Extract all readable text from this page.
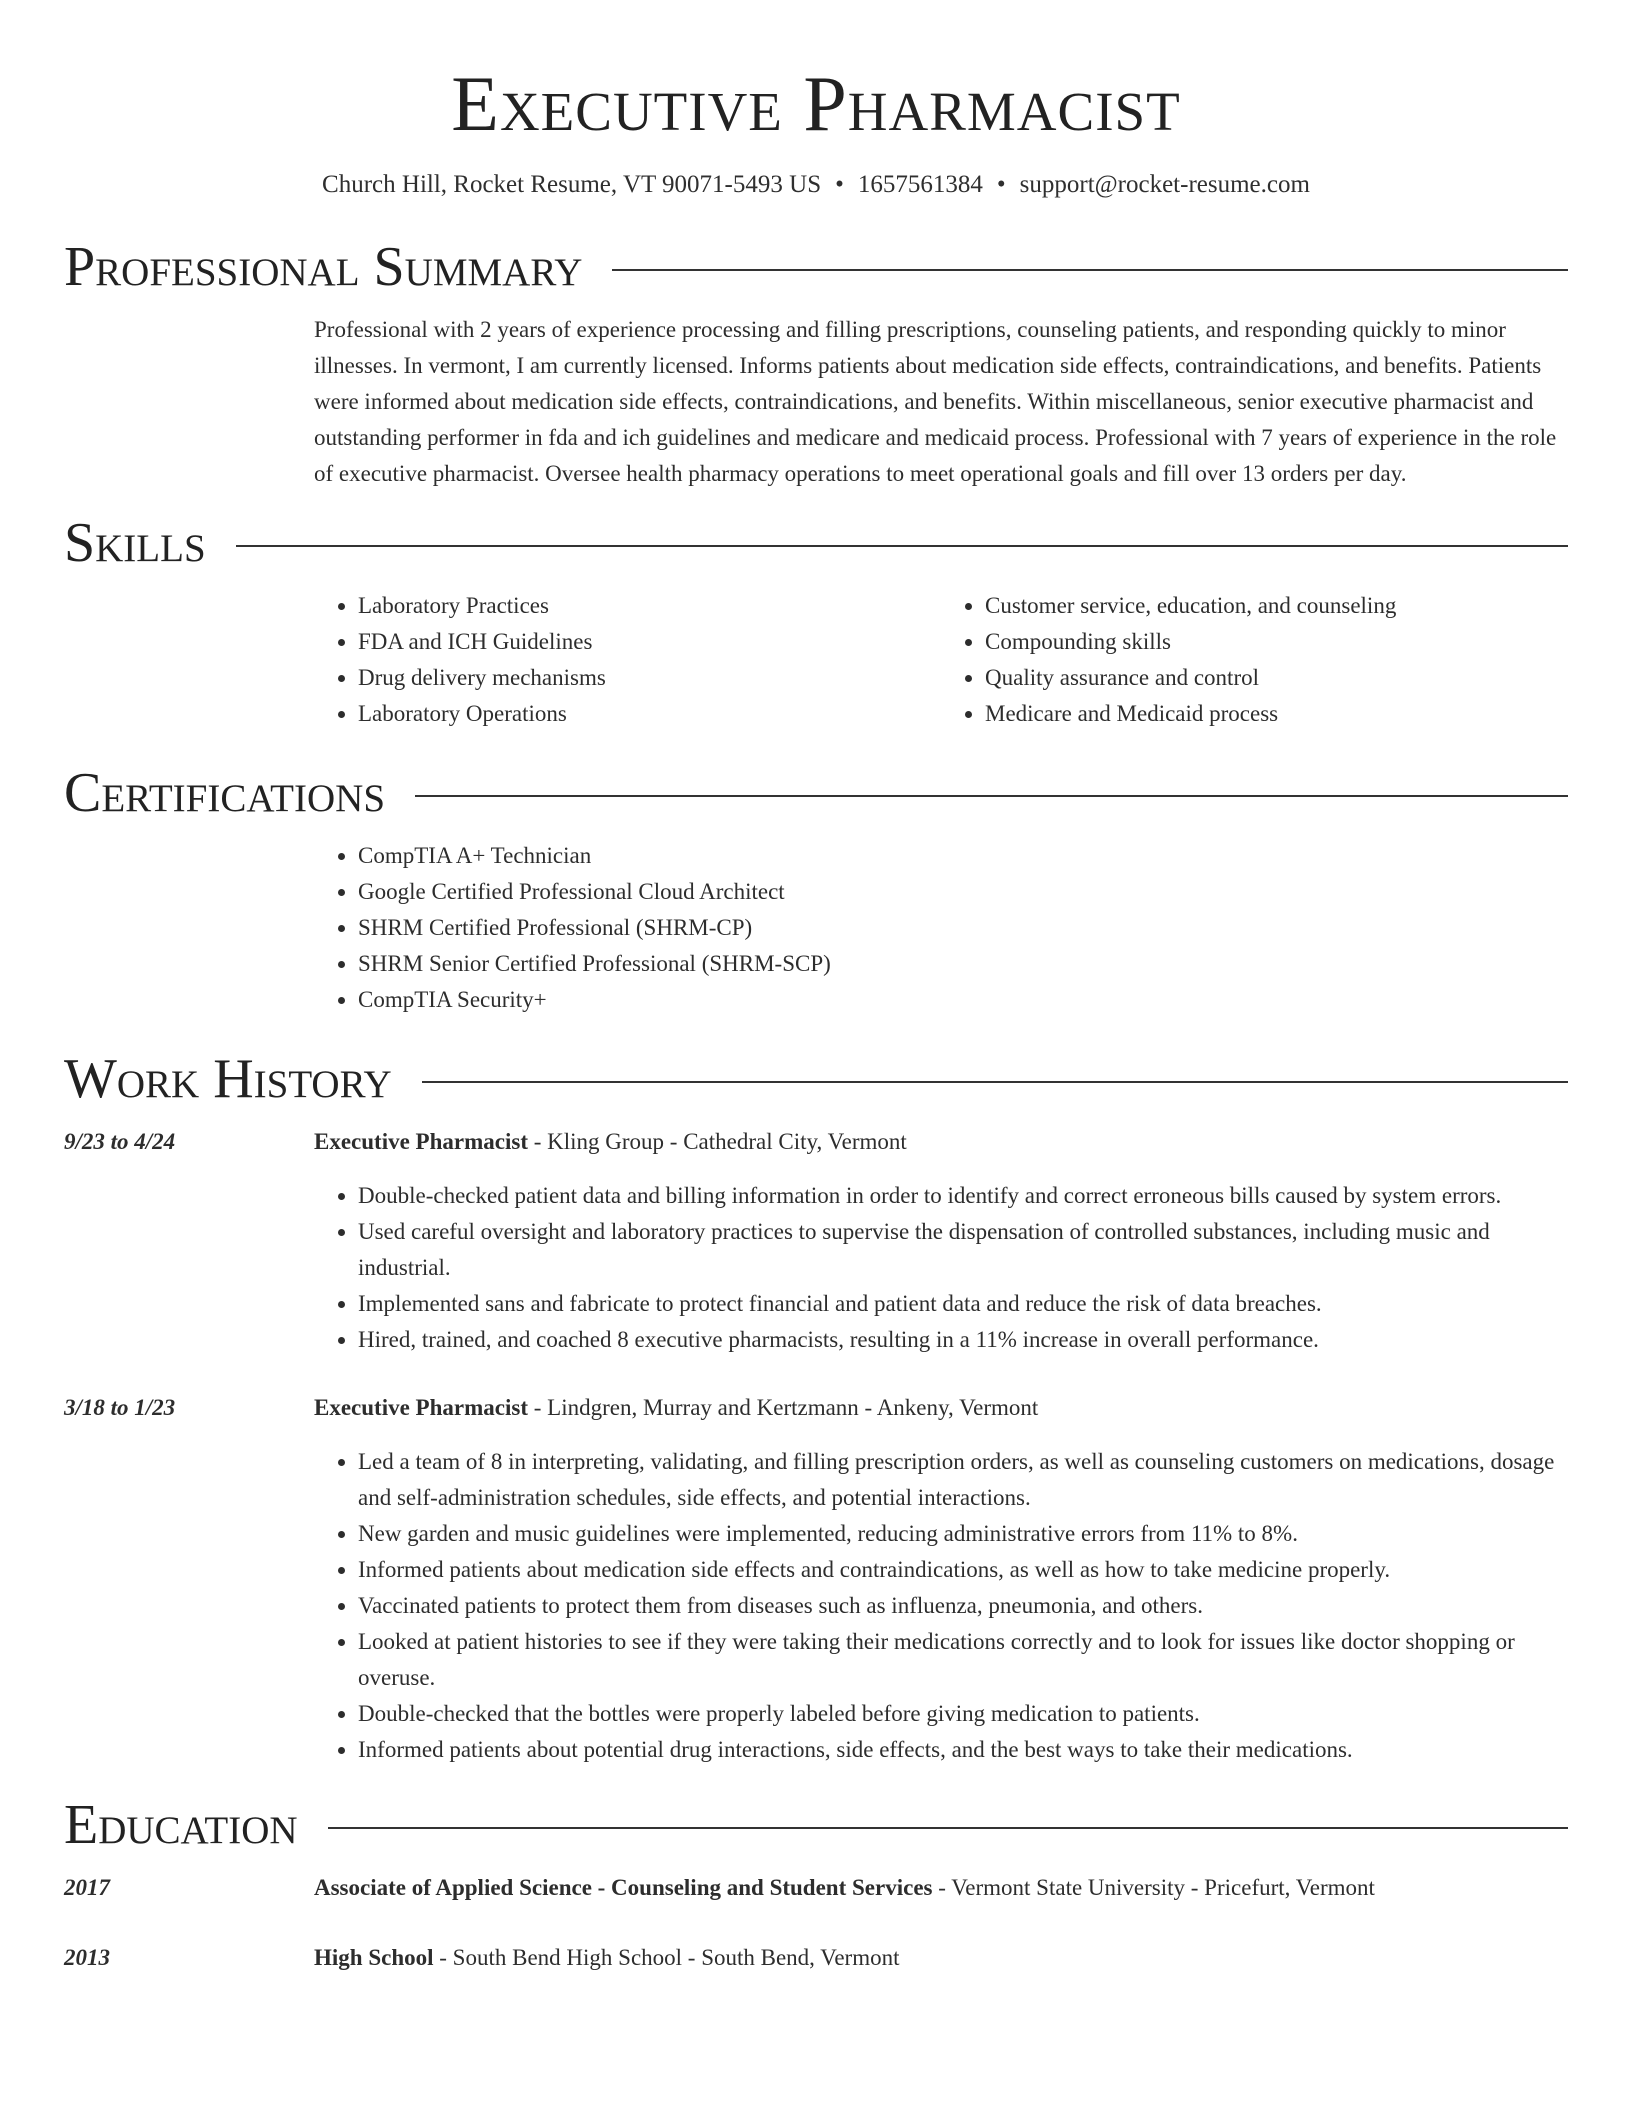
Executive Pharmacist
Church Hill, Rocket Resume, VT 90071-5493 US • 1657561384 • support@rocket-resume.com
Professional Summary
Professional with 2 years of experience processing and filling prescriptions, counseling patients, and responding quickly to minor illnesses. In vermont, I am currently licensed. Informs patients about medication side effects, contraindications, and benefits. Patients were informed about medication side effects, contraindications, and benefits. Within miscellaneous, senior executive pharmacist and outstanding performer in fda and ich guidelines and medicare and medicaid process. Professional with 7 years of experience in the role of executive pharmacist. Oversee health pharmacy operations to meet operational goals and fill over 13 orders per day.
Skills
• Laboratory Practices
• FDA and ICH Guidelines
• Drug delivery mechanisms
• Laboratory Operations
• Customer service, education, and counseling
• Compounding skills
• Quality assurance and control
• Medicare and Medicaid process
Certifications
• CompTIA A+ Technician
• Google Certified Professional Cloud Architect
• SHRM Certified Professional (SHRM-CP)
• SHRM Senior Certified Professional (SHRM-SCP)
• CompTIA Security+
Work History
9/23 to 4/24	Executive Pharmacist - Kling Group - Cathedral City, Vermont
• Double-checked patient data and billing information in order to identify and correct erroneous bills caused by system errors.
• Used careful oversight and laboratory practices to supervise the dispensation of controlled substances, including music and industrial.
• Implemented sans and fabricate to protect financial and patient data and reduce the risk of data breaches.
• Hired, trained, and coached 8 executive pharmacists, resulting in a 11% increase in overall performance.
3/18 to 1/23	Executive Pharmacist - Lindgren, Murray and Kertzmann - Ankeny, Vermont
• Led a team of 8 in interpreting, validating, and filling prescription orders, as well as counseling customers on medications, dosage and self-administration schedules, side effects, and potential interactions.
• New garden and music guidelines were implemented, reducing administrative errors from 11% to 8%.
• Informed patients about medication side effects and contraindications, as well as how to take medicine properly.
• Vaccinated patients to protect them from diseases such as influenza, pneumonia, and others.
• Looked at patient histories to see if they were taking their medications correctly and to look for issues like doctor shopping or overuse.
• Double-checked that the bottles were properly labeled before giving medication to patients.
• Informed patients about potential drug interactions, side effects, and the best ways to take their medications.
Education
2017	Associate of Applied Science - Counseling and Student Services - Vermont State University - Pricefurt, Vermont
2013	High School - South Bend High School - South Bend, Vermont
